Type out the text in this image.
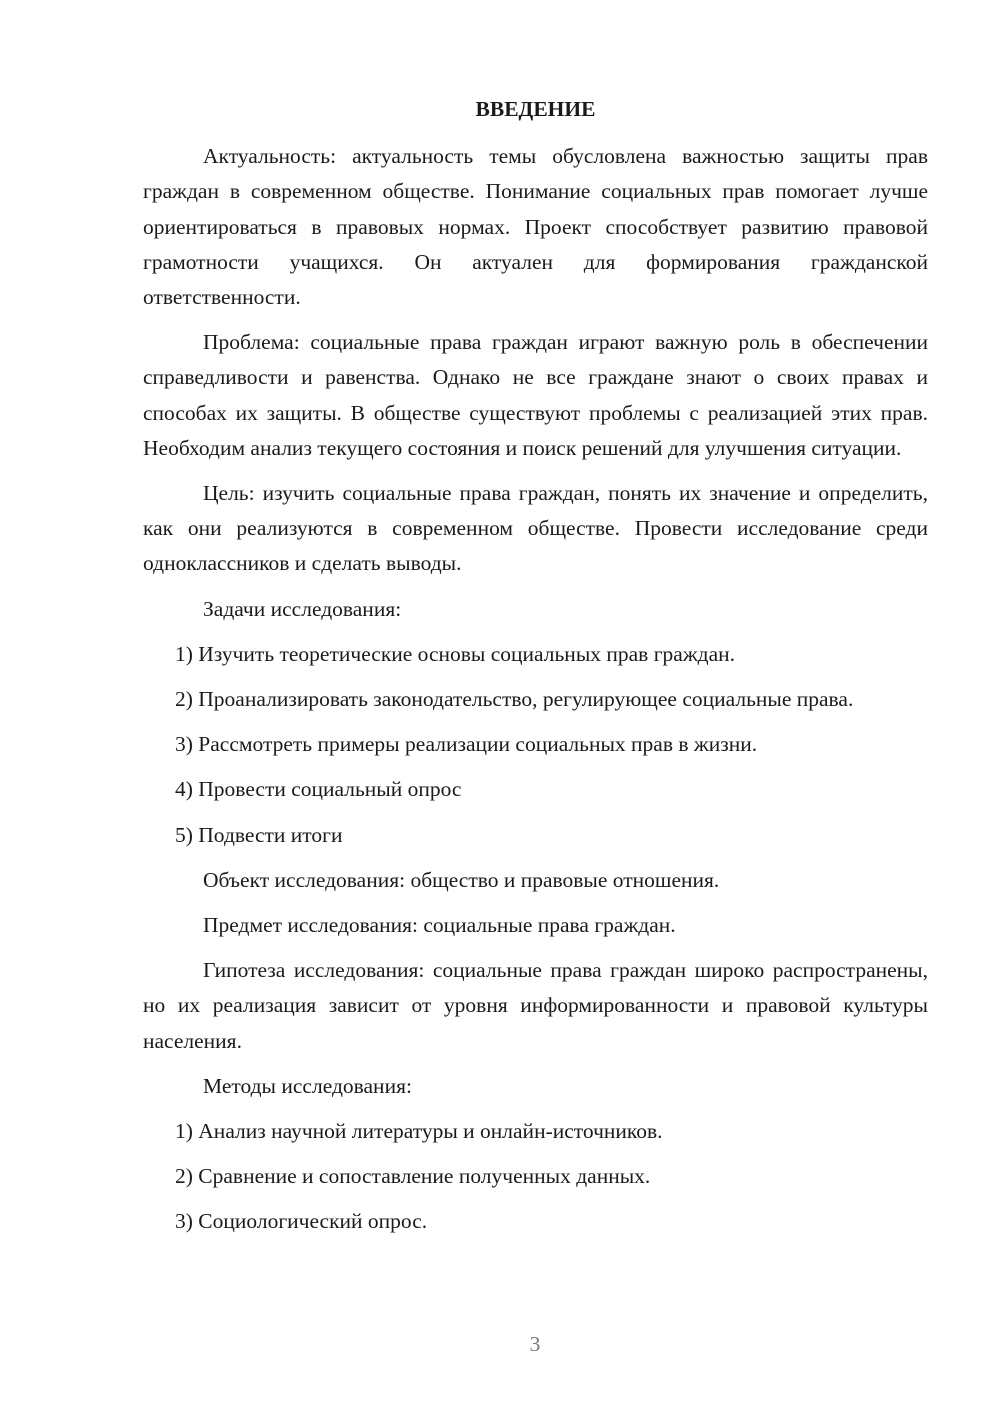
ВВЕДЕНИЕ

Актуальность: актуальность темы обусловлена важностью защиты прав граждан в современном обществе. Понимание социальных прав помогает лучше ориентироваться в правовых нормах. Проект способствует развитию правовой грамотности учащихся. Он актуален для формирования гражданской ответственности.

Проблема: социальные права граждан играют важную роль в обеспечении справедливости и равенства. Однако не все граждане знают о своих правах и способах их защиты. В обществе существуют проблемы с реализацией этих прав. Необходим анализ текущего состояния и поиск решений для улучшения ситуации.

Цель: изучить социальные права граждан, понять их значение и определить, как они реализуются в современном обществе. Провести исследование среди одноклассников и сделать выводы.

Задачи исследования:

1) Изучить теоретические основы социальных прав граждан.

2) Проанализировать законодательство, регулирующее социальные права.

3) Рассмотреть примеры реализации социальных прав в жизни.

4) Провести социальный опрос

5) Подвести итоги

Объект исследования: общество и правовые отношения.

Предмет исследования: социальные права граждан.

Гипотеза исследования: социальные права граждан широко распространены, но их реализация зависит от уровня информированности и правовой культуры населения.

Методы исследования:

1) Анализ научной литературы и онлайн-источников.

2) Сравнение и сопоставление полученных данных.

3) Социологический опрос.

3
